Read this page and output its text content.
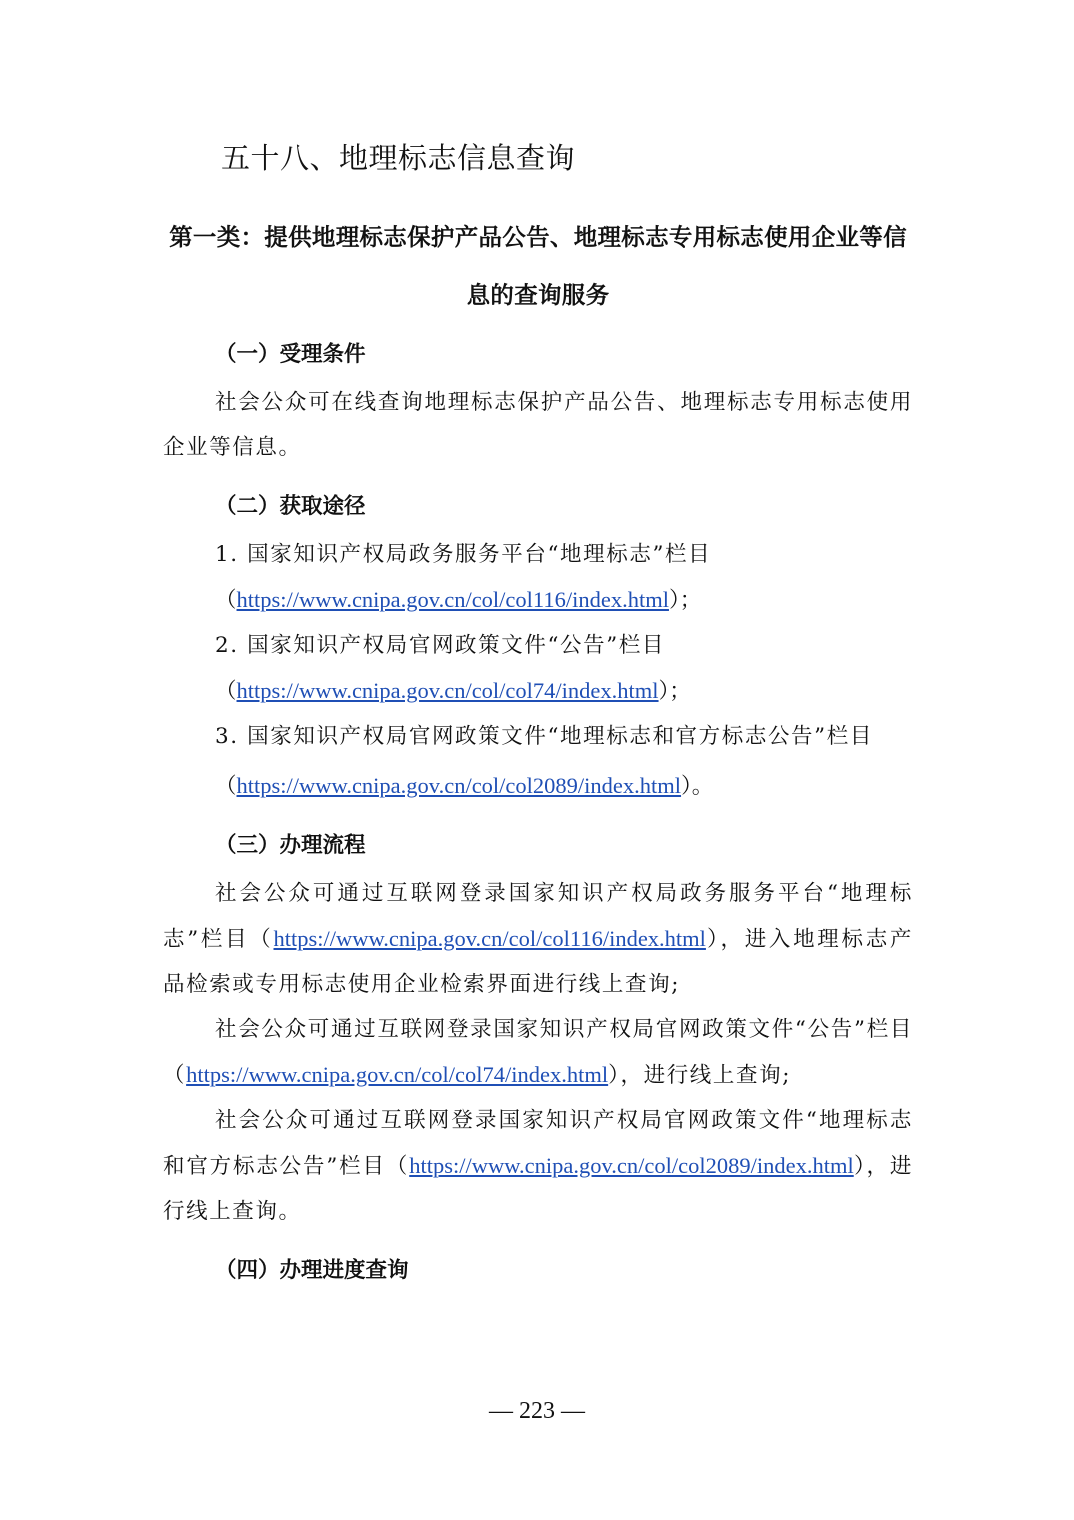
五十八、地理标志信息查询
第一类：提供地理标志保护产品公告、地理标志专用标志使用企业等信息的查询服务
（一）受理条件

社会公众可在线查询地理标志保护产品公告、地理标志专用标志使用企业等信息。

（二）获取途径

1. 国家知识产权局政务服务平台“地理标志”栏目

（https://www.cnipa.gov.cn/col/col116/index.html）；

2. 国家知识产权局官网政策文件“公告”栏目

（https://www.cnipa.gov.cn/col/col74/index.html）；

3. 国家知识产权局官网政策文件“地理标志和官方标志公告”栏目

（https://www.cnipa.gov.cn/col/col2089/index.html）。

（三）办理流程

社会公众可通过互联网登录国家知识产权局政务服务平台“地理标志”栏目（https://www.cnipa.gov.cn/col/col116/index.html），进入地理标志产品检索或专用标志使用企业检索界面进行线上查询;

社会公众可通过互联网登录国家知识产权局官网政策文件“公告”栏目（https://www.cnipa.gov.cn/col/col74/index.html），进行线上查询;

社会公众可通过互联网登录国家知识产权局官网政策文件“地理标志和官方标志公告”栏目（https://www.cnipa.gov.cn/col/col2089/index.html），进行线上查询。

（四）办理进度查询
— 223 —
